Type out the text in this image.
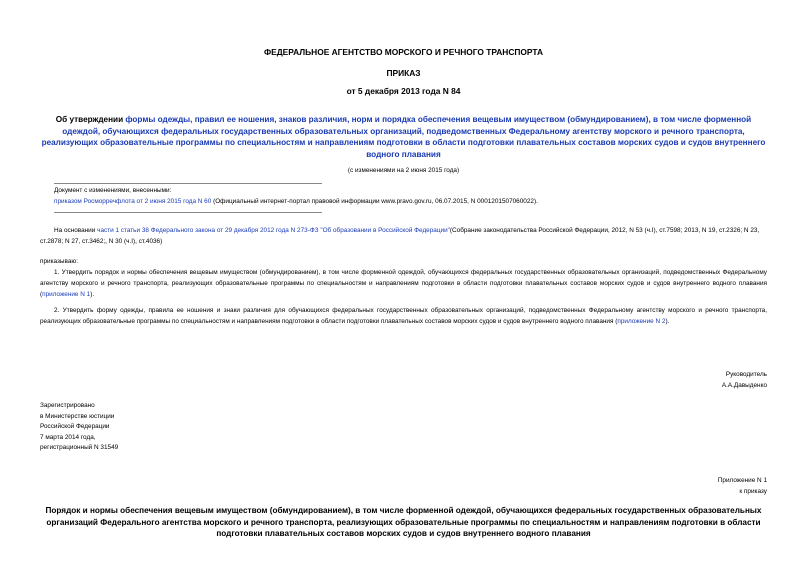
ФЕДЕРАЛЬНОЕ АГЕНТСТВО МОРСКОГО И РЕЧНОГО ТРАНСПОРТА
ПРИКАЗ
от 5 декабря 2013 года N 84
Об утверждении формы одежды, правил ее ношения, знаков различия, норм и порядка обеспечения вещевым имуществом (обмундированием), в том числе форменной одеждой, обучающихся федеральных государственных образовательных организаций, подведомственных Федеральному агентству морского и речного транспорта, реализующих образовательные программы по специальностям и направлениям подготовки в области подготовки плавательных составов морских судов и судов внутреннего водного плавания
(с изменениями на 2 июня 2015 года)
Документ с изменениями, внесенными:
приказом Росморречфлота от 2 июня 2015 года N 60 (Официальный интернет-портал правовой информации www.pravo.gov.ru, 06.07.2015, N 0001201507060022).
На основании части 1 статьи 38 Федерального закона от 29 декабря 2012 года N 273-ФЗ "Об образовании в Российской Федерации"(Собрание законодательства Российской Федерации, 2012, N 53 (ч.I), ст.7598; 2013, N 19, ст.2326; N 23, ст.2878; N 27, ст.3462;, N 30 (ч.I), ст.4036)
приказываю:
1. Утвердить порядок и нормы обеспечения вещевым имуществом (обмундированием), в том числе форменной одеждой, обучающихся федеральных государственных образовательных организаций, подведомственных Федеральному агентству морского и речного транспорта, реализующих образовательные программы по специальностям и направлениям подготовки в области подготовки плавательных составов морских судов и судов внутреннего водного плавания (приложение N 1).
2. Утвердить форму одежды, правила ее ношения и знаки различия для обучающихся федеральных государственных образовательных организаций, подведомственных Федеральному агентству морского и речного транспорта, реализующих образовательные программы по специальностям и направлениям подготовки в области подготовки плавательных составов морских судов и судов внутреннего водного плавания (приложение N 2).
Руководитель
А.А.Давыденко
Зарегистрировано
в Министерстве юстиции
Российской Федерации
7 марта 2014 года,
регистрационный N 31549
Приложение N 1
к приказу
Порядок и нормы обеспечения вещевым имуществом (обмундированием), в том числе форменной одеждой, обучающихся федеральных государственных образовательных организаций Федерального агентства морского и речного транспорта, реализующих образовательные программы по специальностям и направлениям подготовки в области подготовки плавательных составов морских судов и судов внутреннего водного плавания
